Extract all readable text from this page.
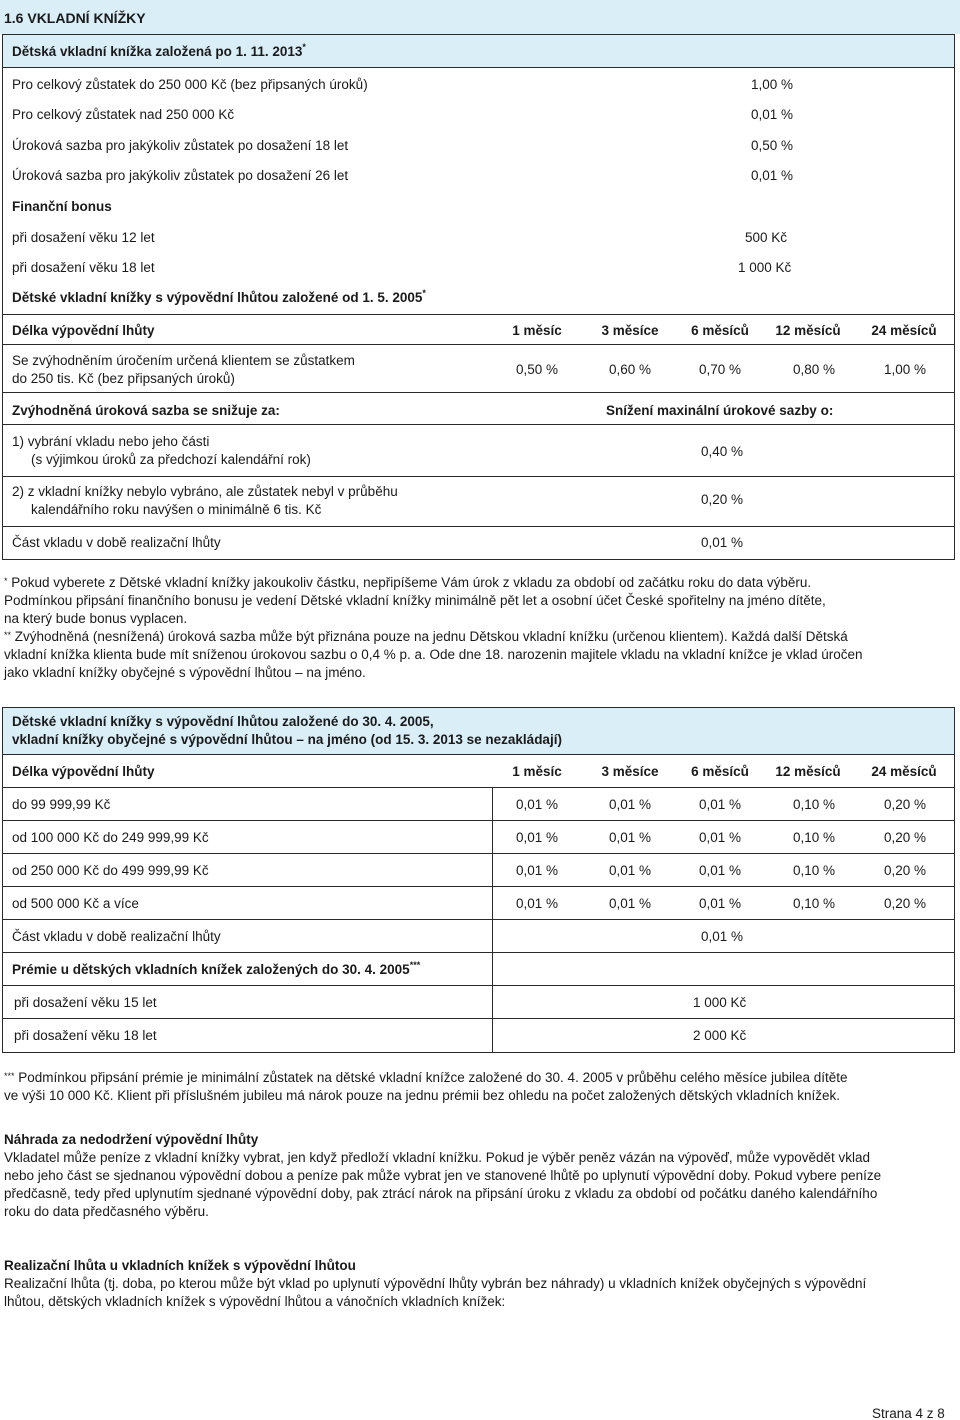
1.6 VKLADNÍ KNÍŽKY
Dětská vkladní knížka založená po 1. 11. 2013*
Pro celkový zůstatek do 250 000 Kč (bez připsaných úroků)	1,00 %
Pro celkový zůstatek nad 250 000 Kč	0,01 %
Úroková sazba pro jakýkoliv zůstatek po dosažení 18 let	0,50 %
Úroková sazba pro jakýkoliv zůstatek po dosažení 26 let	0,01 %
Finanční bonus
při dosažení věku 12 let	500 Kč
při dosažení věku 18 let	1 000 Kč
Dětské vkladní knížky s výpovědní lhůtou založené od 1. 5. 2005*
Délka výpovědní lhůty	1 měsíc	3 měsíce	6 měsíců	12 měsíců	24 měsíců
Se zvýhodněním úročením určená klientem se zůstatkem
do 250 tis. Kč (bez připsaných úroků)
0,50 %	0,60 %	0,70 %	0,80 %	1,00 %
Zvýhodněná úroková sazba se snižuje za:	Snížení maxinální úrokové sazby o:
1) vybrání vkladu nebo jeho části
(s výjimkou úroků za předchozí kalendářní rok)
0,40 %
2) z vkladní knížky nebylo vybráno, ale zůstatek nebyl v průběhu
kalendářního roku navýšen o minimálně 6 tis. Kč
0,20 %
Část vkladu v době realizační lhůty	0,01 %
* Pokud vyberete z Dětské vkladní knížky jakoukoliv částku, nepřipíšeme Vám úrok z vkladu za období od začátku roku do data výběru.
Podmínkou připsání finančního bonusu je vedení Dětské vkladní knížky minimálně pět let a osobní účet České spořitelny na jméno dítěte,
na který bude bonus vyplacen.
** Zvýhodněná (nesnížená) úroková sazba může být přiznána pouze na jednu Dětskou vkladní knížku (určenou klientem). Každá další Dětská
vkladní knížka klienta bude mít sníženou úrokovou sazbu o 0,4 % p. a. Ode dne 18. narozenin majitele vkladu na vkladní knížce je vklad úročen
jako vkladní knížky obyčejné s výpovědní lhůtou – na jméno.
Dětské vkladní knížky s výpovědní lhůtou založené do 30. 4. 2005,
vkladní knížky obyčejné s výpovědní lhůtou – na jméno (od 15. 3. 2013 se nezakládají)
Délka výpovědní lhůty	1 měsíc	3 měsíce	6 měsíců	12 měsíců	24 měsíců
do 99 999,99 Kč	0,01 %	0,01 %	0,01 %	0,10 %	0,20 %
od 100 000 Kč do 249 999,99 Kč	0,01 %	0,01 %	0,01 %	0,10 %	0,20 %
od 250 000 Kč do 499 999,99 Kč	0,01 %	0,01 %	0,01 %	0,10 %	0,20 %
od 500 000 Kč a více	0,01 %	0,01 %	0,01 %	0,10 %	0,20 %
Část vkladu v době realizační lhůty	0,01 %
Prémie u dětských vkladních knížek založených do 30. 4. 2005***
při dosažení věku 15 let	1 000 Kč
při dosažení věku 18 let	2 000 Kč
*** Podmínkou připsání prémie je minimální zůstatek na dětské vkladní knížce založené do 30. 4. 2005 v průběhu celého měsíce jubilea dítěte
ve výši 10 000 Kč. Klient při příslušném jubileu má nárok pouze na jednu prémii bez ohledu na počet založených dětských vkladních knížek.
Náhrada za nedodržení výpovědní lhůty
Vkladatel může peníze z vkladní knížky vybrat, jen když předloží vkladní knížku. Pokud je výběr peněz vázán na výpověď, může vypovědět vklad
nebo jeho část se sjednanou výpovědní dobou a peníze pak může vybrat jen ve stanovené lhůtě po uplynutí výpovědní doby. Pokud vybere peníze
předčasně, tedy před uplynutím sjednané výpovědní doby, pak ztrácí nárok na připsání úroku z vkladu za období od počátku daného kalendářního
roku do data předčasného výběru.
Realizační lhůta u vkladních knížek s výpovědní lhůtou
Realizační lhůta (tj. doba, po kterou může být vklad po uplynutí výpovědní lhůty vybrán bez náhrady) u vkladních knížek obyčejných s výpovědní
lhůtou, dětských vkladních knížek s výpovědní lhůtou a vánočních vkladních knížek:
Strana 4 z 8
